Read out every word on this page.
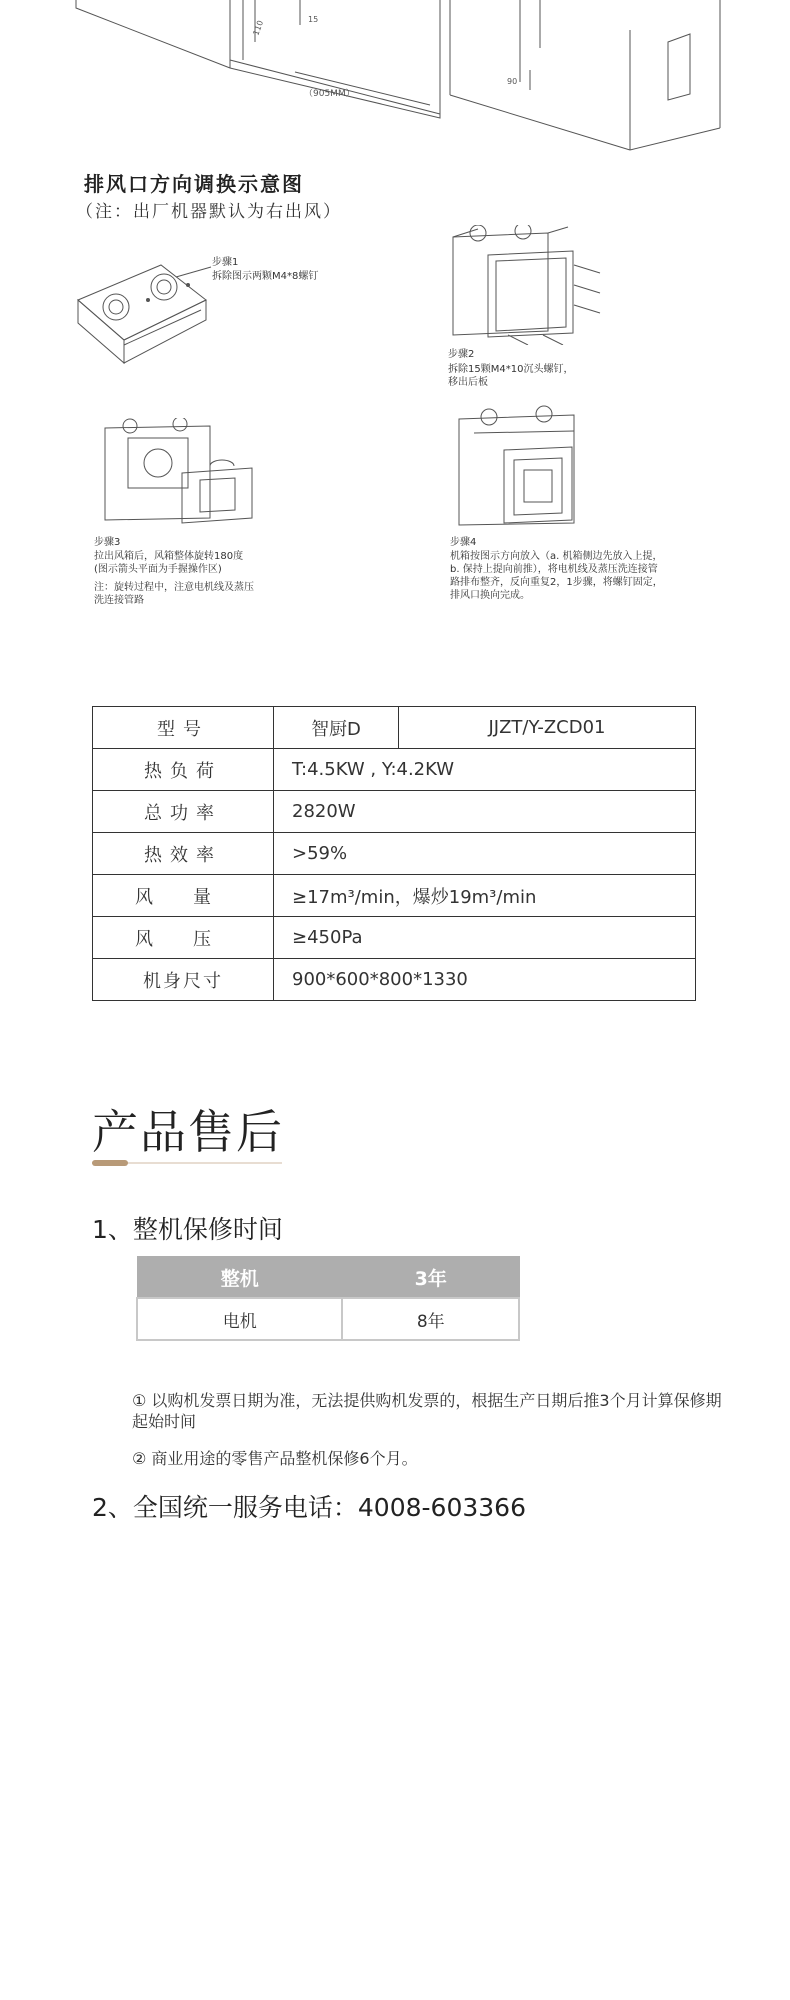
（905MM）
110	15
90
排风口方向调换示意图
（注：出厂机器默认为右出风）
步骤1
拆除图示两颗M4*8螺钉
步骤2
拆除15颗M4*10沉头螺钉，
移出后板
步骤3
拉出风箱后，风箱整体旋转180度
(图示箭头平面为手握操作区)
注：旋转过程中，注意电机线及蒸压
洗连接管路
步骤4
机箱按图示方向放入（a. 机箱侧边先放入上提，
b. 保持上提向前推），将电机线及蒸压洗连接管
路排布整齐，反向重复2，1步骤，将螺钉固定，
排风口换向完成。
型号	智厨D	JJZT/Y-ZCD01
热负荷	T:4.5KW , Y:4.2KW	
总功率	2820W	
热效率	>59%	
风量	≥17m³/min，爆炒19m³/min	
风压	≥450Pa	
机身尺寸	900*600*800*1330	
产品售后
1、整机保修时间
整机	3年
电机	8年
① 以购机发票日期为准，无法提供购机发票的，根据生产日期后推3个月计算保修期起始时间
② 商业用途的零售产品整机保修6个月。
2、全国统一服务电话：4008-603366
